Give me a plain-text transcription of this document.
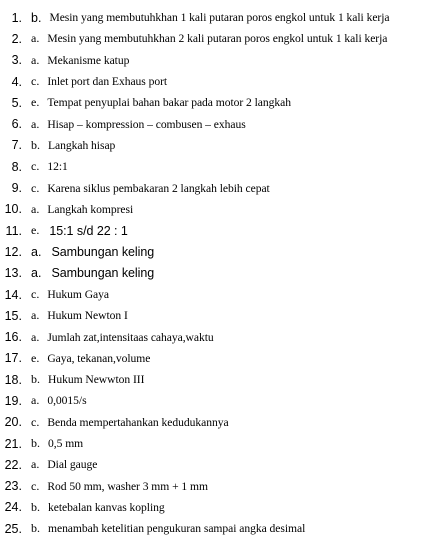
1. b. Mesin yang membutuhkhan 1 kali putaran poros engkol untuk 1 kali kerja
2. a. Mesin yang membutuhkhan 2 kali putaran poros engkol untuk 1 kali kerja
3. a. Mekanisme katup
4. c. Inlet port dan Exhaus port
5. e. Tempat penyuplai bahan bakar pada motor 2 langkah
6. a. Hisap – kompression – combusen – exhaus
7. b. Langkah hisap
8. c. 12:1
9. c. Karena siklus pembakaran 2 langkah lebih cepat
10. a. Langkah kompresi
11. e. 15:1 s/d 22 : 1
12. a. Sambungan keling
13. a. Sambungan keling
14. c. Hukum Gaya
15. a. Hukum Newton I
16. a. Jumlah zat,intensitaas cahaya,waktu
17. e. Gaya, tekanan,volume
18. b. Hukum Newwton III
19. a. 0,0015/s
20. c. Benda mempertahankan kedudukannya
21. b. 0,5 mm
22. a. Dial gauge
23. c. Rod 50 mm, washer 3 mm + 1 mm
24. b. ketebalan kanvas kopling
25. b. menambah ketelitian pengukuran sampai angka desimal
